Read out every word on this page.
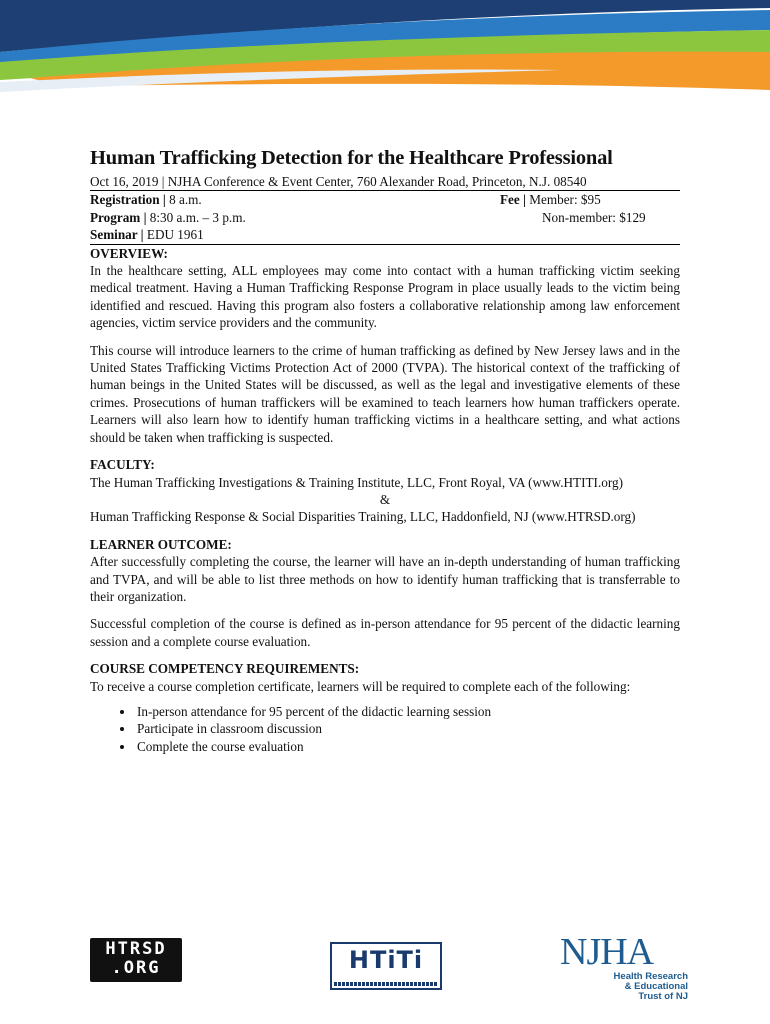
Human Trafficking Detection for the Healthcare Professional
Oct 16, 2019 | NJHA Conference & Event Center, 760 Alexander Road, Princeton, N.J. 08540
Registration | 8 a.m.	Fee | Member: $95
Program | 8:30 a.m. – 3 p.m.	Non-member: $129
Seminar | EDU 1961
OVERVIEW:

In the healthcare setting, ALL employees may come into contact with a human trafficking victim seeking medical treatment. Having a Human Trafficking Response Program in place usually leads to the victim being identified and rescued. Having this program also fosters a collaborative relationship among law enforcement agencies, victim service providers and the community.

This course will introduce learners to the crime of human trafficking as defined by New Jersey laws and in the United States Trafficking Victims Protection Act of 2000 (TVPA). The historical context of the trafficking of human beings in the United States will be discussed, as well as the legal and investigative elements of these crimes. Prosecutions of human traffickers will be examined to teach learners how human traffickers operate. Learners will also learn how to identify human trafficking victims in a healthcare setting, and what actions should be taken when trafficking is suspected.

FACULTY:

The Human Trafficking Investigations & Training Institute, LLC, Front Royal, VA (www.HTITI.org)

&

Human Trafficking Response & Social Disparities Training, LLC, Haddonfield, NJ (www.HTRSD.org)

LEARNER OUTCOME:

After successfully completing the course, the learner will have an in-depth understanding of human trafficking and TVPA, and will be able to list three methods on how to identify human trafficking that is transferrable to their organization.

Successful completion of the course is defined as in-person attendance for 95 percent of the didactic learning session and a complete course evaluation.

COURSE COMPETENCY REQUIREMENTS:

To receive a course completion certificate, learners will be required to complete each of the following:

• In-person attendance for 95 percent of the didactic learning session
• Participate in classroom discussion
• Complete the course evaluation
HTRSD
.ORG	HTiTi	NJHA
Health Research & Educational Trust of NJ
